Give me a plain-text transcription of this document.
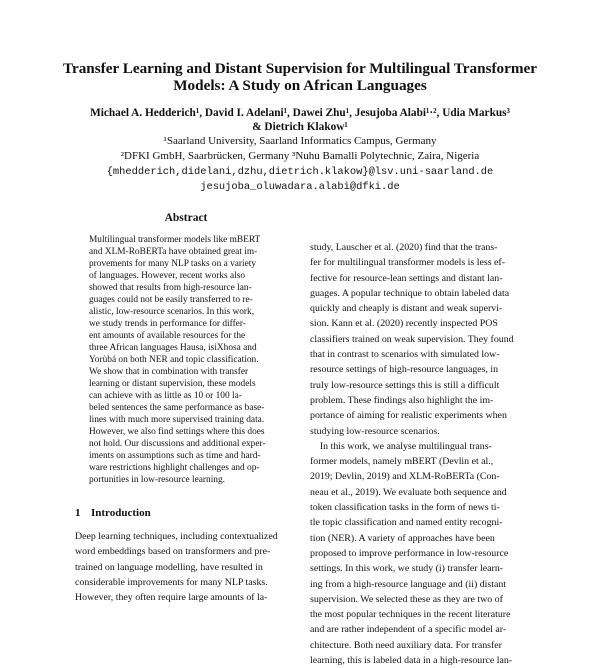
Transfer Learning and Distant Supervision for Multilingual Transformer
Models: A Study on African Languages
Michael A. Hedderich¹, David I. Adelani¹, Dawei Zhu¹, Jesujoba Alabi¹·², Udia Markus³
& Dietrich Klakow¹
¹Saarland University, Saarland Informatics Campus, Germany
²DFKI GmbH, Saarbrücken, Germany ³Nuhu Bamalli Polytechnic, Zaira, Nigeria
{mhedderich,didelani,dzhu,dietrich.klakow}@lsv.uni-saarland.de
jesujoba_oluwadara.alabi@dfki.de
Abstract
Multilingual transformer models like mBERT
and XLM-RoBERTa have obtained great im-
provements for many NLP tasks on a variety
of languages. However, recent works also
showed that results from high-resource lan-
guages could not be easily transferred to re-
alistic, low-resource scenarios. In this work,
we study trends in performance for differ-
ent amounts of available resources for the
three African languages Hausa, isiXhosa and
Yorùbá on both NER and topic classification.
We show that in combination with transfer
learning or distant supervision, these models
can achieve with as little as 10 or 100 la-
beled sentences the same performance as base-
lines with much more supervised training data.
However, we also find settings where this does
not hold. Our discussions and additional exper-
iments on assumptions such as time and hard-
ware restrictions highlight challenges and op-
portunities in low-resource learning.
1 Introduction
Deep learning techniques, including contextualized
word embeddings based on transformers and pre-
trained on language modelling, have resulted in
considerable improvements for many NLP tasks.
However, they often require large amounts of la-
study, Lauscher et al. (2020) find that the trans-
fer for multilingual transformer models is less ef-
fective for resource-lean settings and distant lan-
guages. A popular technique to obtain labeled data
quickly and cheaply is distant and weak supervi-
sion. Kann et al. (2020) recently inspected POS
classifiers trained on weak supervision. They found
that in contrast to scenarios with simulated low-
resource settings of high-resource languages, in
truly low-resource settings this is still a difficult
problem. These findings also highlight the im-
portance of aiming for realistic experiments when
studying low-resource scenarios.
In this work, we analyse multilingual trans-
former models, namely mBERT (Devlin et al.,
2019; Devlin, 2019) and XLM-RoBERTa (Con-
neau et al., 2019). We evaluate both sequence and
token classification tasks in the form of news ti-
tle topic classification and named entity recogni-
tion (NER). A variety of approaches have been
proposed to improve performance in low-resource
settings. In this work, we study (i) transfer learn-
ing from a high-resource language and (ii) distant
supervision. We selected these as they are two of
the most popular techniques in the recent literature
and are rather independent of a specific model ar-
chitecture. Both need auxiliary data. For transfer
learning, this is labeled data in a high-resource lan-
